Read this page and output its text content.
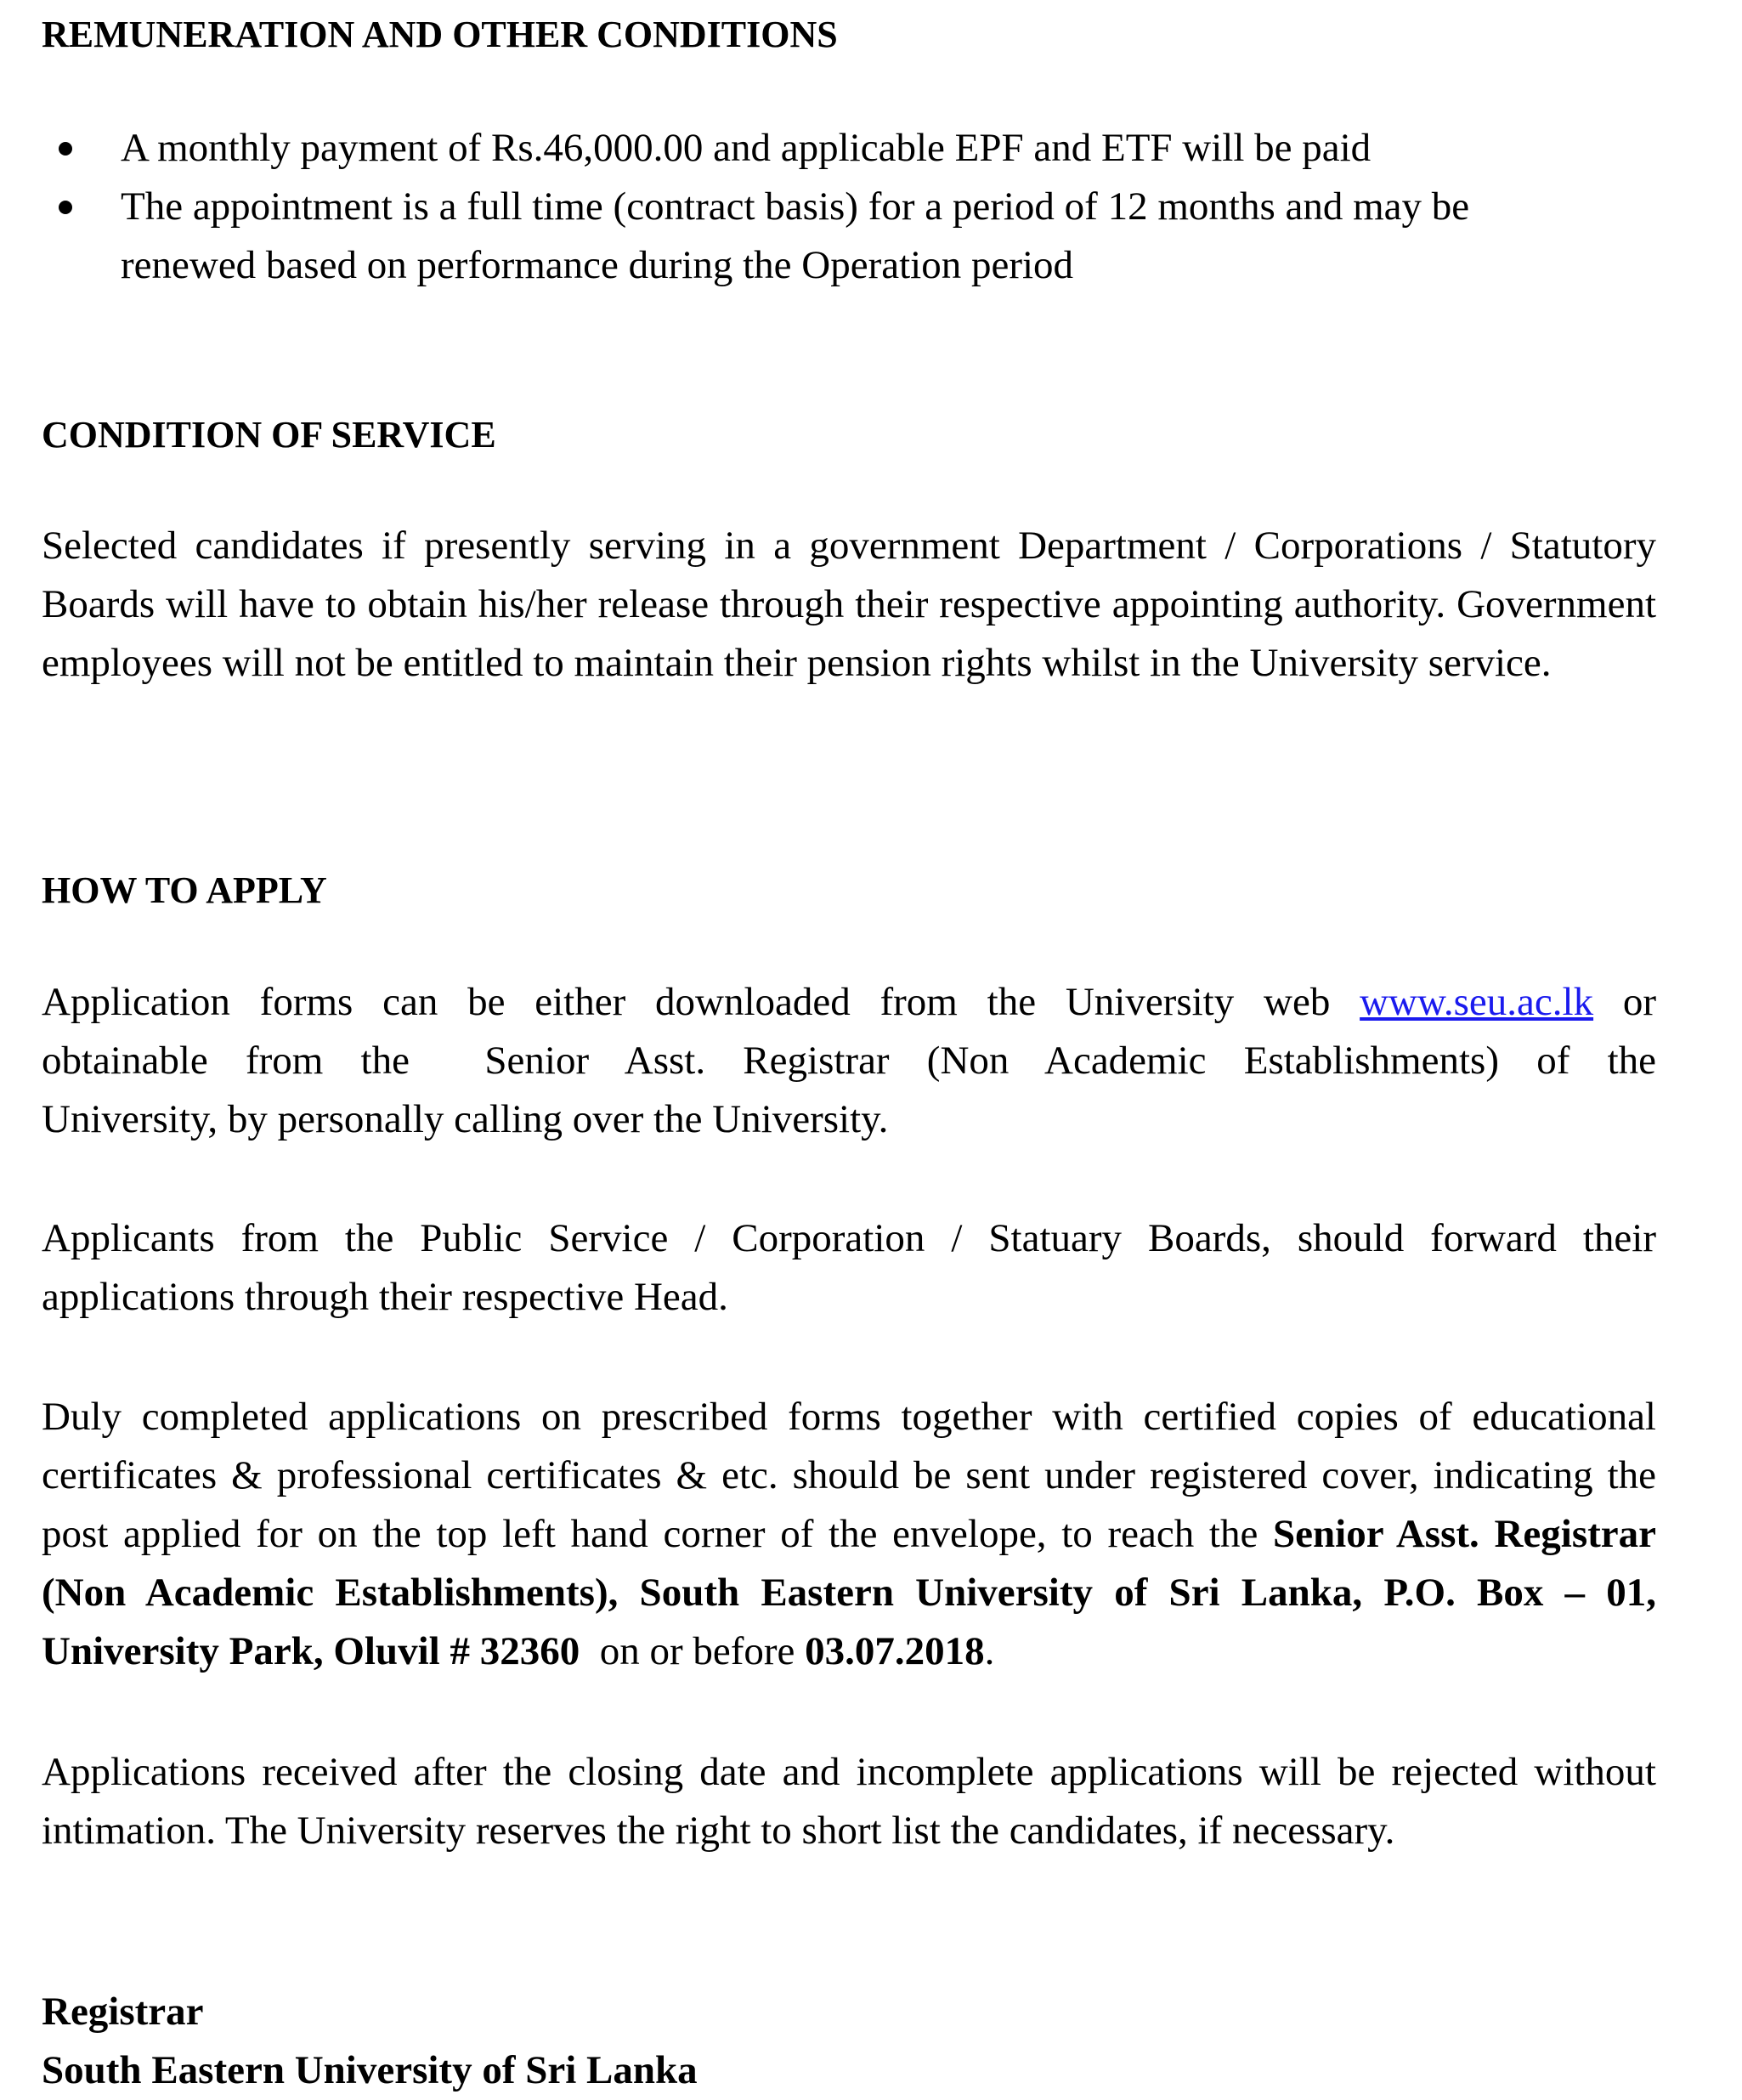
REMUNERATION AND OTHER CONDITIONS
A monthly payment of Rs.46,000.00 and applicable EPF and ETF will be paid
The appointment is a full time (contract basis) for a period of 12 months and may be renewed based on performance during the Operation period
CONDITION OF SERVICE
Selected candidates if presently serving in a government Department / Corporations / Statutory Boards will have to obtain his/her release through their respective appointing authority. Government employees will not be entitled to maintain their pension rights whilst in the University service.
HOW TO APPLY
Application forms can be either downloaded from the University web www.seu.ac.lk or
obtainable from the  Senior Asst. Registrar (Non Academic Establishments) of the
University, by personally calling over the University.
Applicants from the Public Service / Corporation / Statuary Boards, should forward their applications through their respective Head.
Duly completed applications on prescribed forms together with certified copies of educational certificates & professional certificates & etc. should be sent under registered cover, indicating the post applied for on the top left hand corner of the envelope, to reach the Senior Asst. Registrar (Non Academic Establishments), South Eastern University of Sri Lanka, P.O. Box – 01, University Park, Oluvil # 32360  on or before 03.07.2018.
Applications received after the closing date and incomplete applications will be rejected without intimation. The University reserves the right to short list the candidates, if necessary.
Registrar
South Eastern University of Sri Lanka
